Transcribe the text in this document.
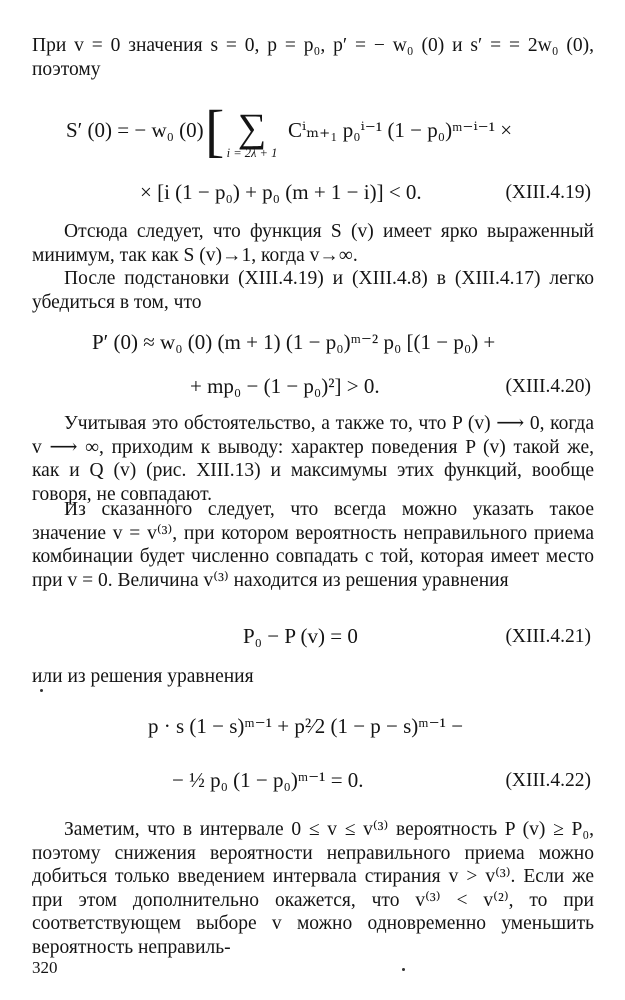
При v = 0 значения s = 0, p = p₀, p′ = − w₀ (0) и s′ = = 2w₀ (0), поэтому

S′ (0) = − w₀ (0) [ ∑
i = 2λ + 1
Cⁱₘ₊₁ p₀ⁱ⁻¹ (1 − p₀)ᵐ⁻ⁱ⁻¹ ×
× [i (1 − p₀) + p₀ (m + 1 − i)] < 0.	(XIII.4.19)

Отсюда следует, что функция S (v) имеет ярко выраженный минимум, так как S (v)→1, когда v→∞.

После подстановки (XIII.4.19) и (XIII.4.8) в (XIII.4.17) легко убедиться в том, что

P′ (0) ≈ w₀ (0) (m + 1) (1 − p₀)ᵐ⁻² p₀ [(1 − p₀) +
+ mp₀ − (1 − p₀)²] > 0.	(XIII.4.20)

Учитывая это обстоятельство, а также то, что P (v) ⟶ 0, когда v ⟶ ∞, приходим к выводу: характер поведения P (v) такой же, как и Q (v) (рис. XIII.13) и максимумы этих функций, вообще говоря, не совпадают.

Из сказанного следует, что всегда можно указать такое значение v = v⁽³⁾, при котором вероятность неправильного приема комбинации будет численно совпадать с той, которая имеет место при v = 0. Величина v⁽³⁾ находится из решения уравнения

P₀ − P (v) = 0	(XIII.4.21)

или из решения уравнения

p · s (1 − s)ᵐ⁻¹ + p²⁄2 (1 − p − s)ᵐ⁻¹ −
− ½ p₀ (1 − p₀)ᵐ⁻¹ = 0.	(XIII.4.22)

Заметим, что в интервале 0 ≤ v ≤ v⁽³⁾ вероятность P (v) ≥ P₀, поэтому снижения вероятности неправильного приема можно добиться только введением интервала стирания v > v⁽³⁾. Если же при этом дополнительно окажется, что v⁽³⁾ < v⁽²⁾, то при соответствующем выборе v можно одновременно уменьшить вероятность неправиль-

320
